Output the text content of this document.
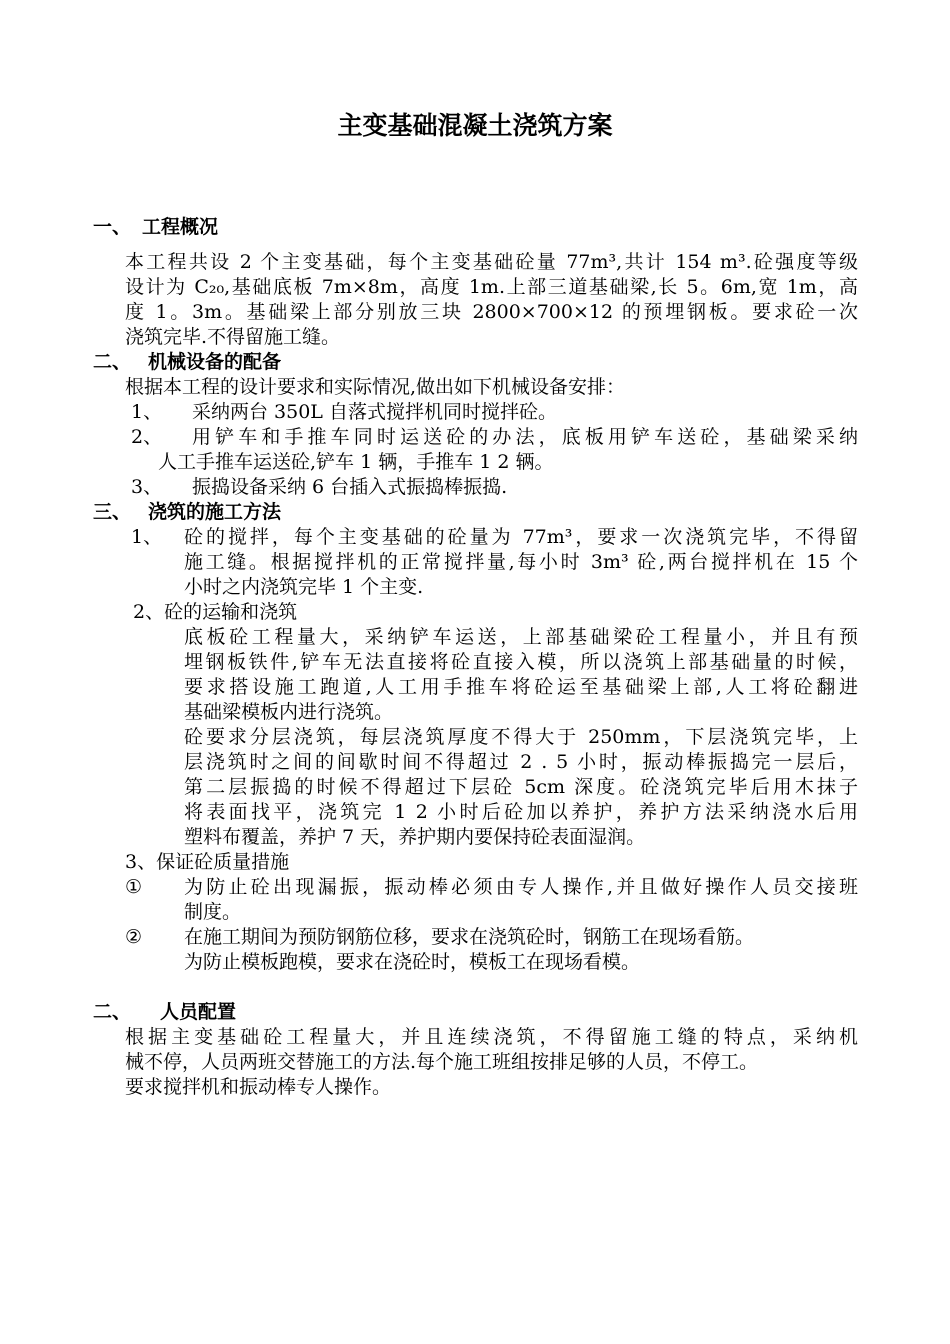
主变基础混凝土浇筑方案
一、 工程概况
本工程共设 2 个主变基础，每个主变基础砼量 77m³,共计 154 m³.砼强度等级
设计为 C₂₀,基础底板 7m×8m，高度 1m.上部三道基础梁,长 5。6m,宽 1m，高
度 1。3m。基础梁上部分别放三块 2800×700×12 的预埋钢板。要求砼一次
浇筑完毕.不得留施工缝。
二、 机械设备的配备
根据本工程的设计要求和实际情况,做出如下机械设备安排：
1、 采纳两台 350L 自落式搅拌机同时搅拌砼。
2、 用铲车和手推车同时运送砼的办法，底板用铲车送砼，基础梁采纳
人工手推车运送砼,铲车 1 辆，手推车 1 2 辆。
3、 振捣设备采纳 6 台插入式振捣棒振捣.
三、 浇筑的施工方法
1、 砼的搅拌，每个主变基础的砼量为 77m³，要求一次浇筑完毕，不得留
施工缝。根据搅拌机的正常搅拌量,每小时 3m³ 砼,两台搅拌机在 15 个
小时之内浇筑完毕 1 个主变.
2、砼的运输和浇筑
底板砼工程量大，采纳铲车运送，上部基础梁砼工程量小，并且有预
埋钢板铁件,铲车无法直接将砼直接入模，所以浇筑上部基础量的时候，
要求搭设施工跑道,人工用手推车将砼运至基础梁上部,人工将砼翻进
基础梁模板内进行浇筑。
砼要求分层浇筑，每层浇筑厚度不得大于 250mm，下层浇筑完毕，上
层浇筑时之间的间歇时间不得超过 2 . 5 小时，振动棒振捣完一层后，
第二层振捣的时候不得超过下层砼 5cm 深度。砼浇筑完毕后用木抹子
将表面找平，浇筑完 1 2 小时后砼加以养护，养护方法采纳浇水后用
塑料布覆盖，养护 7 天，养护期内要保持砼表面湿润。
3、保证砼质量措施
① 为防止砼出现漏振，振动棒必须由专人操作,并且做好操作人员交接班
制度。
② 在施工期间为预防钢筋位移，要求在浇筑砼时，钢筋工在现场看筋。
为防止模板跑模，要求在浇砼时，模板工在现场看模。
二、 人员配置
根据主变基础砼工程量大，并且连续浇筑，不得留施工缝的特点，采纳机
械不停，人员两班交替施工的方法.每个施工班组按排足够的人员，不停工。
要求搅拌机和振动棒专人操作。
